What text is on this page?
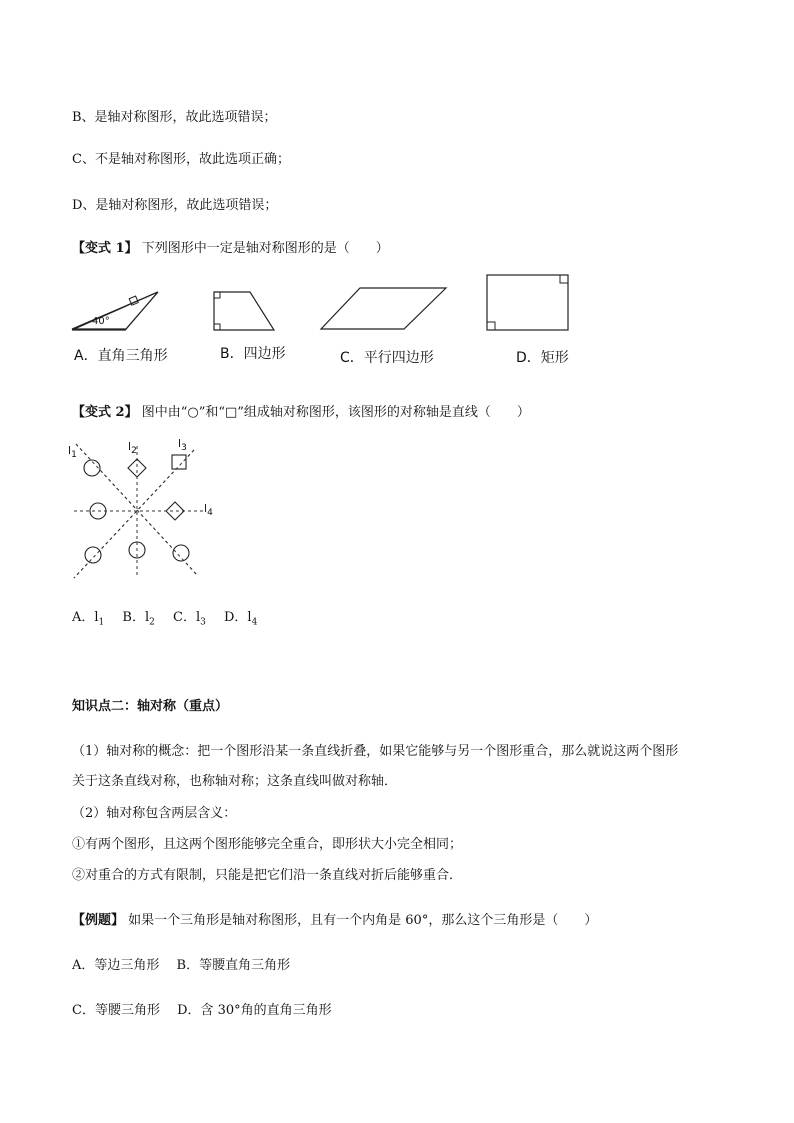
B、是轴对称图形，故此选项错误；
C、不是轴对称图形，故此选项正确；
D、是轴对称图形，故此选项错误；
【变式 1】 下列图形中一定是轴对称图形的是（　　）
40°
A．直角三角形	B．四边形	C．平行四边形	D．矩形
【变式 2】 图中由“○”和“□”组成轴对称图形，该图形的对称轴是直线（　　）
$l_1$
$l_2$
$l_3$
$l_4$
A．$l_1$ B．$l_2$ C．$l_3$ D．$l_4$
知识点二：轴对称（重点）
（1）轴对称的概念：把一个图形沿某一条直线折叠，如果它能够与另一个图形重合，那么就说这两个图形
关于这条直线对称，也称轴对称；这条直线叫做对称轴．
（2）轴对称包含两层含义：
①有两个图形，且这两个图形能够完全重合，即形状大小完全相同；
②对重合的方式有限制，只能是把它们沿一条直线对折后能够重合．
【例题】 如果一个三角形是轴对称图形，且有一个内角是 60°，那么这个三角形是（　　）
A．等边三角形　 B．等腰直角三角形
C．等腰三角形　 D．含 30°角的直角三角形
